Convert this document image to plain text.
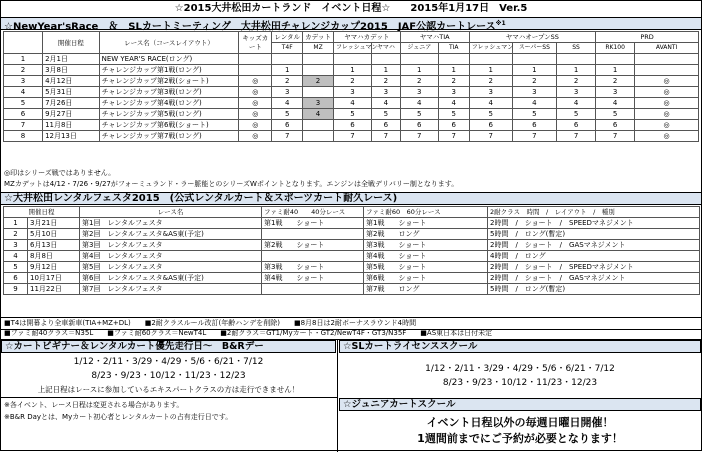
☆2015大井松田カートランド　イベント日程☆　　2015年1月17日　Ver.5
☆NewYear'sRace　＆　SLカートミーティング　大井松田チャレンジカップ2015　JAF公認カートレース$^{※1}$
	開催日程	レース名（コースレイアウト）	キッズカート	レンタル	カデット	ヤマハカデット		ヤマハTIA		ヤマハオープンSS			PRD	
				T4F	MZ	フレッシュマン	ヤマハ	ジュニア	TIA	フレッシュマン	スーパーSS	SS	RK100	AVANTI

1	2月1日	NEW YEAR'S RACE(ロング)												
2	3月8日	チャレンジカップ第1戦(ロング)		1		1	1	1	1	1	1	1	1	
3	4月12日	チャレンジカップ第2戦(ショート)	◎	2	2	2	2	2	2	2	2	2	2	◎
4	5月31日	チャレンジカップ第3戦(ロング)	◎	3		3	3	3	3	3	3	3	3	◎
5	7月26日	チャレンジカップ第4戦(ロング)	◎	4	3	4	4	4	4	4	4	4	4	◎
6	9月27日	チャレンジカップ第5戦(ロング)	◎	5	4	5	5	5	5	5	5	5	5	◎
7	11月8日	チャレンジカップ第6戦(ショート)	◎	6		6	6	6	6	6	6	6	6	◎
8	12月13日	チャレンジカップ第7戦(ロング)	◎	7		7	7	7	7	7	7	7	7	◎
◎印はシリーズ戦ではありません。
MZカデットは4/12・7/26・9/27がフォーミュランド・ラー脈能とのシリーズWポイントとなります。エンジンは全戦デリバリー制となります。
☆大井松田レンタルフェスタ2015　(公式レンタルカート＆スポーツカート耐久レース)
開催日程		レース名	ファミ耐40　　40分レース	ファミ耐60　60分レース	2耐クラス　時間　/　レイアウト　/　種別
1	3月21日	第1回　レンタルフェスタ	第1戦　　ショート	第1戦　　ショート	2時間　/　ショート　/　SPEEDマネジメント
2	5月10日	第2回　レンタルフェスタ&AS東(予定)		第2戦　　ロング	5時間　/　ロング(暫定)
3	6月13日	第3回　レンタルフェスタ	第2戦　　ショート	第3戦　　ショート	2時間　/　ショート　/　GASマネジメント
4	8月8日	第4回　レンタルフェスタ		第4戦　　ショート	4時間　/　ロング
5	9月12日	第5回　レンタルフェスタ	第3戦　　ショート	第5戦　　ショート	2時間　/　ショート　/　SPEEDマネジメント
6	10月17日	第6回　レンタルフェスタ&AS東(予定)	第4戦　　ショート	第6戦　　ショート	2時間　/　ショート　/　GASマネジメント
9	11月22日	第7回　レンタルフェスタ		第7戦　　ロング	5時間　/　ロング(暫定)
■T4は開幕より全車新車(TIA+MZ+DL)　　■2耐クラスルール改訂(年齢ハンデを削除)　　■8月8日は2耐ボーナスラウンド4時間
■ファミ耐40クラス＝N35L　　■ファミ耐60クラス＝NewT4L　　■2耐クラス＝GT1/Myカート・GT2/NewT4F・GT3/N35F　　■AS東日本は日付未定
☆カートビギナー＆レンタルカート優先走行日～　B&Rデー	☆SLカートライセンススクール
1/12・2/11・3/29・4/29・5/6・6/21・7/12
8/23・9/23・10/12・11/23・12/23
上記日程はレースに参加しているエキスパートクラスの方は走行できません！
1/12・2/11・3/29・4/29・5/6・6/21・7/12
8/23・9/23・10/12・11/23・12/23
※各イベント、レース日程は変更される場合があります。
※B&R Dayとは、Myカート初心者とレンタルカートの占有走行日です。
☆ジュニアカートスクール
イベント日程以外の毎週日曜日開催！
1週間前までにご予約が必要となります！
